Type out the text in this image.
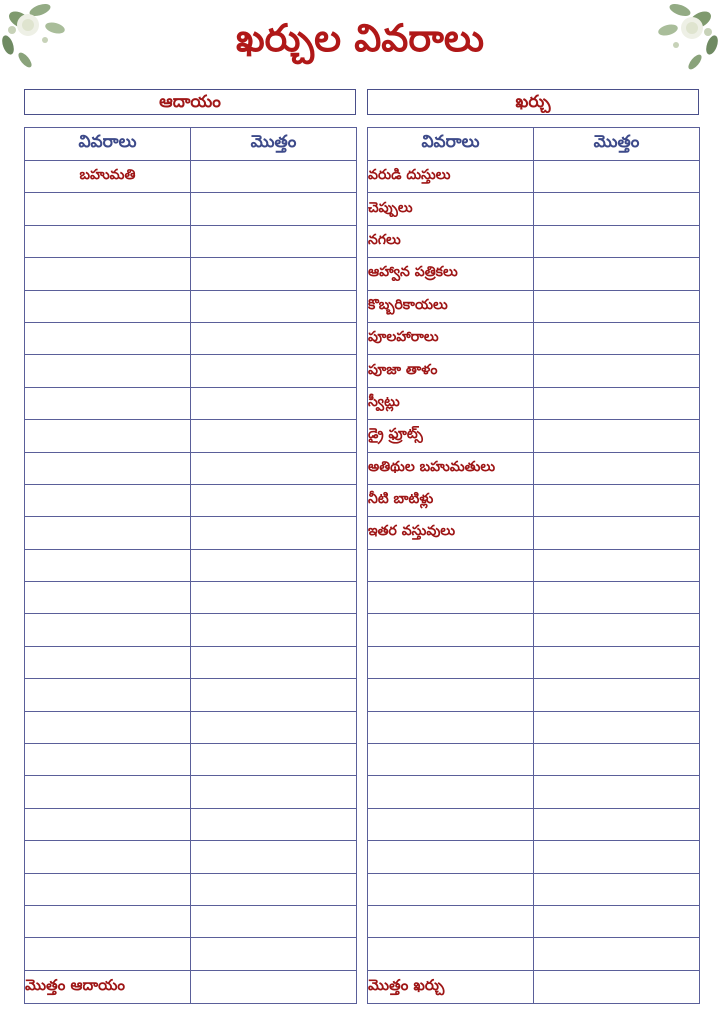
ఖర్చుల వివరాలు
ఆదాయం	ఖర్చు
వివరాలు	మొత్తం
బహుమతి	

మొత్తం ఆదాయం	
వివరాలు	మొత్తం
వరుడి దుస్తులు	
చెప్పులు	
నగలు	
ఆహ్వాన పత్రికలు	
కొబ్బరికాయలు	
పూలహారాలు	
పూజా తాళం	
స్వీట్లు	
డ్రై ఫ్రూట్స్	
అతిథుల బహుమతులు	
నీటి బాటిళ్లు	
ఇతర వస్తువులు	

మొత్తం ఖర్చు	
